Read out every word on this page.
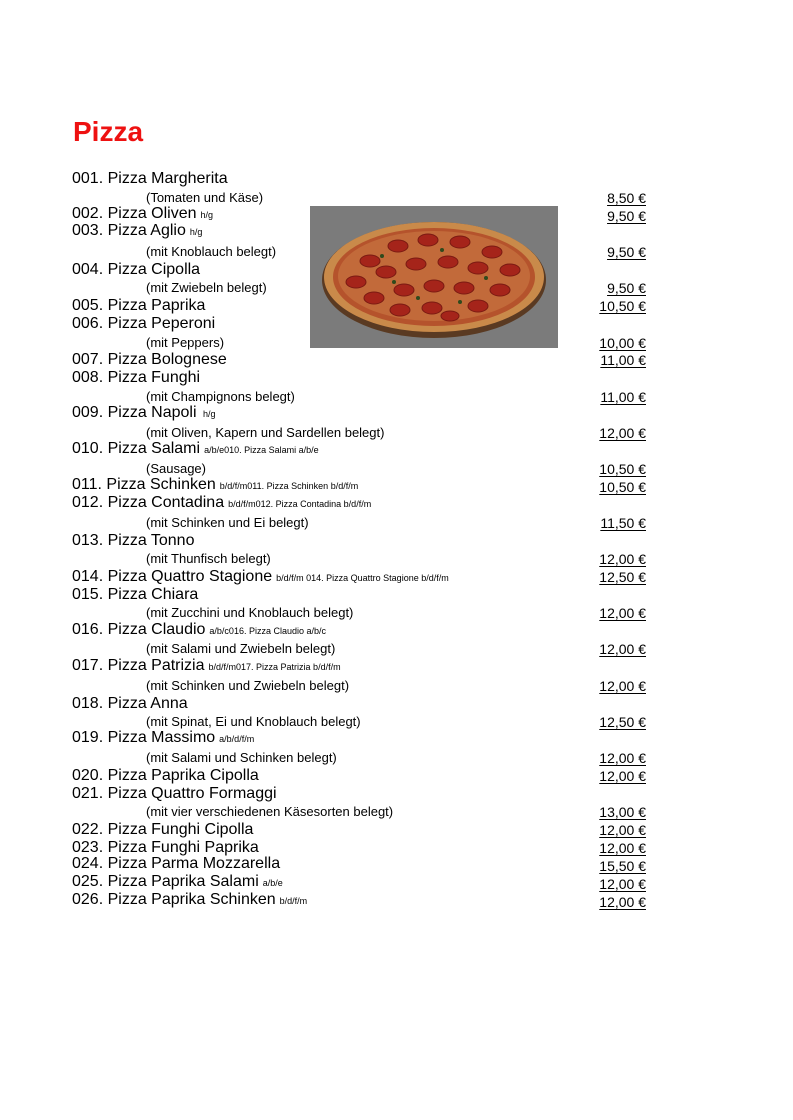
Pizza
001. Pizza Margherita
002. Pizza Oliven h/g
003. Pizza Aglio h/g
004. Pizza Cipolla
005. Pizza Paprika
006. Pizza Peperoni
007. Pizza Bolognese
008. Pizza Funghi
009. Pizza Napoli h/g
010. Pizza Salami a/b/e010. Pizza Salami a/b/e
011. Pizza Schinken b/d/f/m011. Pizza Schinken b/d/f/m
012. Pizza Contadina b/d/f/m012. Pizza Contadina b/d/f/m
013. Pizza Tonno
014. Pizza Quattro Stagione b/d/f/m 014. Pizza Quattro Stagione b/d/f/m
015. Pizza Chiara
016. Pizza Claudio a/b/c016. Pizza Claudio a/b/c
017. Pizza Patrizia b/d/f/m017. Pizza Patrizia b/d/f/m
018. Pizza Anna
019. Pizza Massimo a/b/d/f/m
020. Pizza Paprika Cipolla
021. Pizza Quattro Formaggi
022. Pizza Funghi Cipolla
023. Pizza Funghi Paprika
024. Pizza Parma Mozzarella
025. Pizza Paprika Salami a/b/e
026. Pizza Paprika Schinken b/d/f/m
(Tomaten und Käse)
(mit Knoblauch belegt)
(mit Zwiebeln belegt)
(mit Peppers)
(mit Champignons belegt)
(mit Oliven, Kapern und Sardellen belegt)
(Sausage)
(mit Schinken und Ei belegt)
(mit Thunfisch belegt)
(mit Zucchini und Knoblauch belegt)
(mit Salami und Zwiebeln belegt)
(mit Schinken und Zwiebeln belegt)
(mit Spinat, Ei und Knoblauch belegt)
(mit Salami und Schinken belegt)
(mit vier verschiedenen Käsesorten belegt)
8,50 €
9,50 €
9,50 €
9,50 €
10,50 €
10,00 €
11,00 €
11,00 €
12,00 €
10,50 €
10,50 €
11,50 €
12,00 €
12,50 €
12,00 €
12,00 €
12,00 €
12,50 €
12,00 €
12,00 €
13,00 €
12,00 €
12,00 €
15,50 €
12,00 €
12,00 €
